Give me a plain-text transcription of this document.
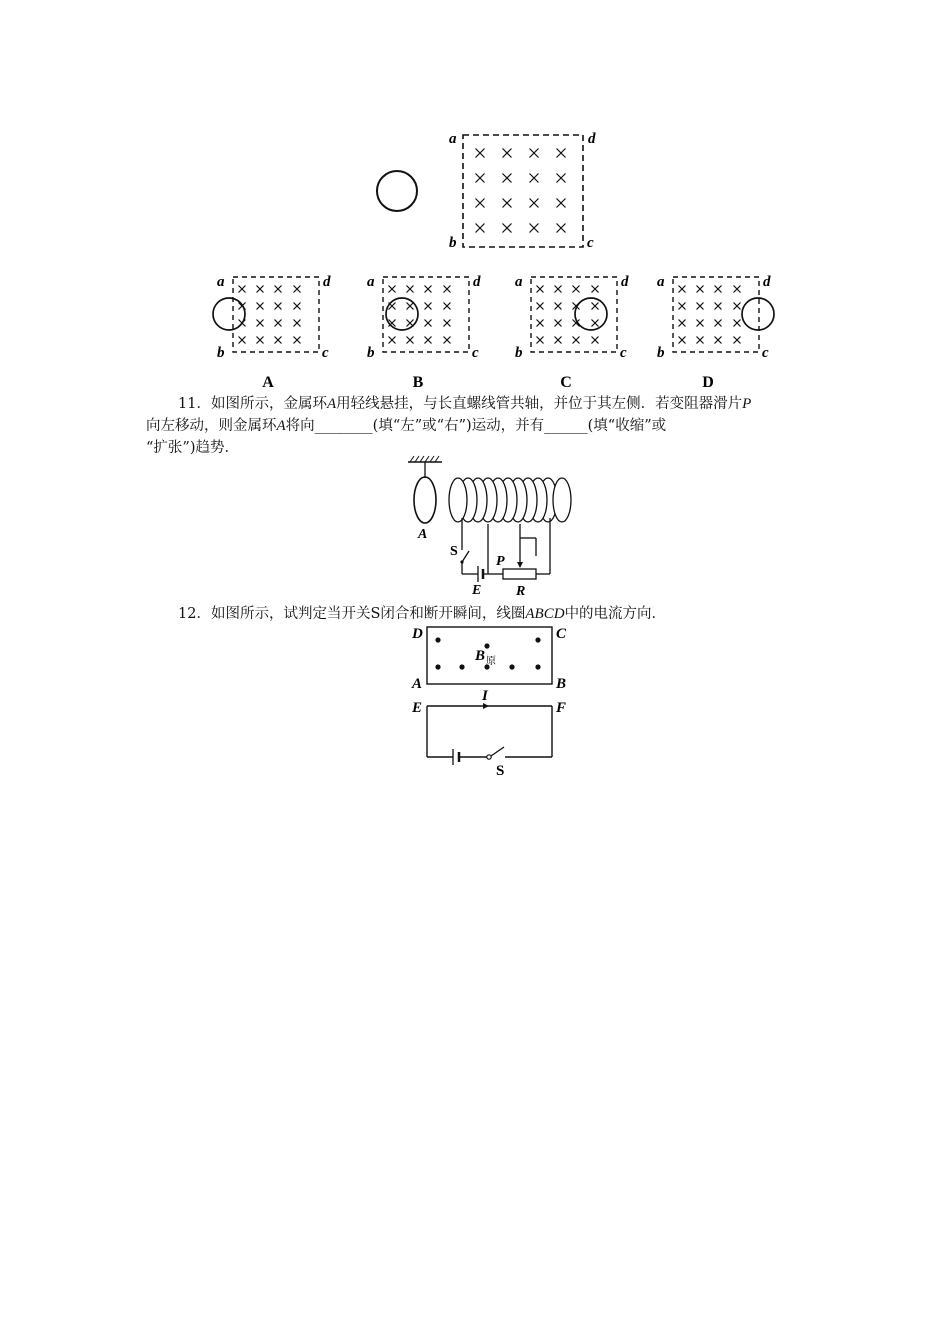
a	d
b	c
a	d
b	c
A
a	d
b	c
B
a	d
b	c
C
a	d
b	c
D
11．如图所示，金属环A用轻线悬挂，与长直螺线管共轴，并位于其左侧．若变阻器滑片P
向左移动，则金属环A将向________(填“左”或“右”)运动，并有______(填“收缩”或
“扩张”)趋势．
A
S
E
P
R
12．如图所示，试判定当开关S闭合和断开瞬间，线圈ABCD中的电流方向．
B 原
D	C
A	B
I
E	F
S
